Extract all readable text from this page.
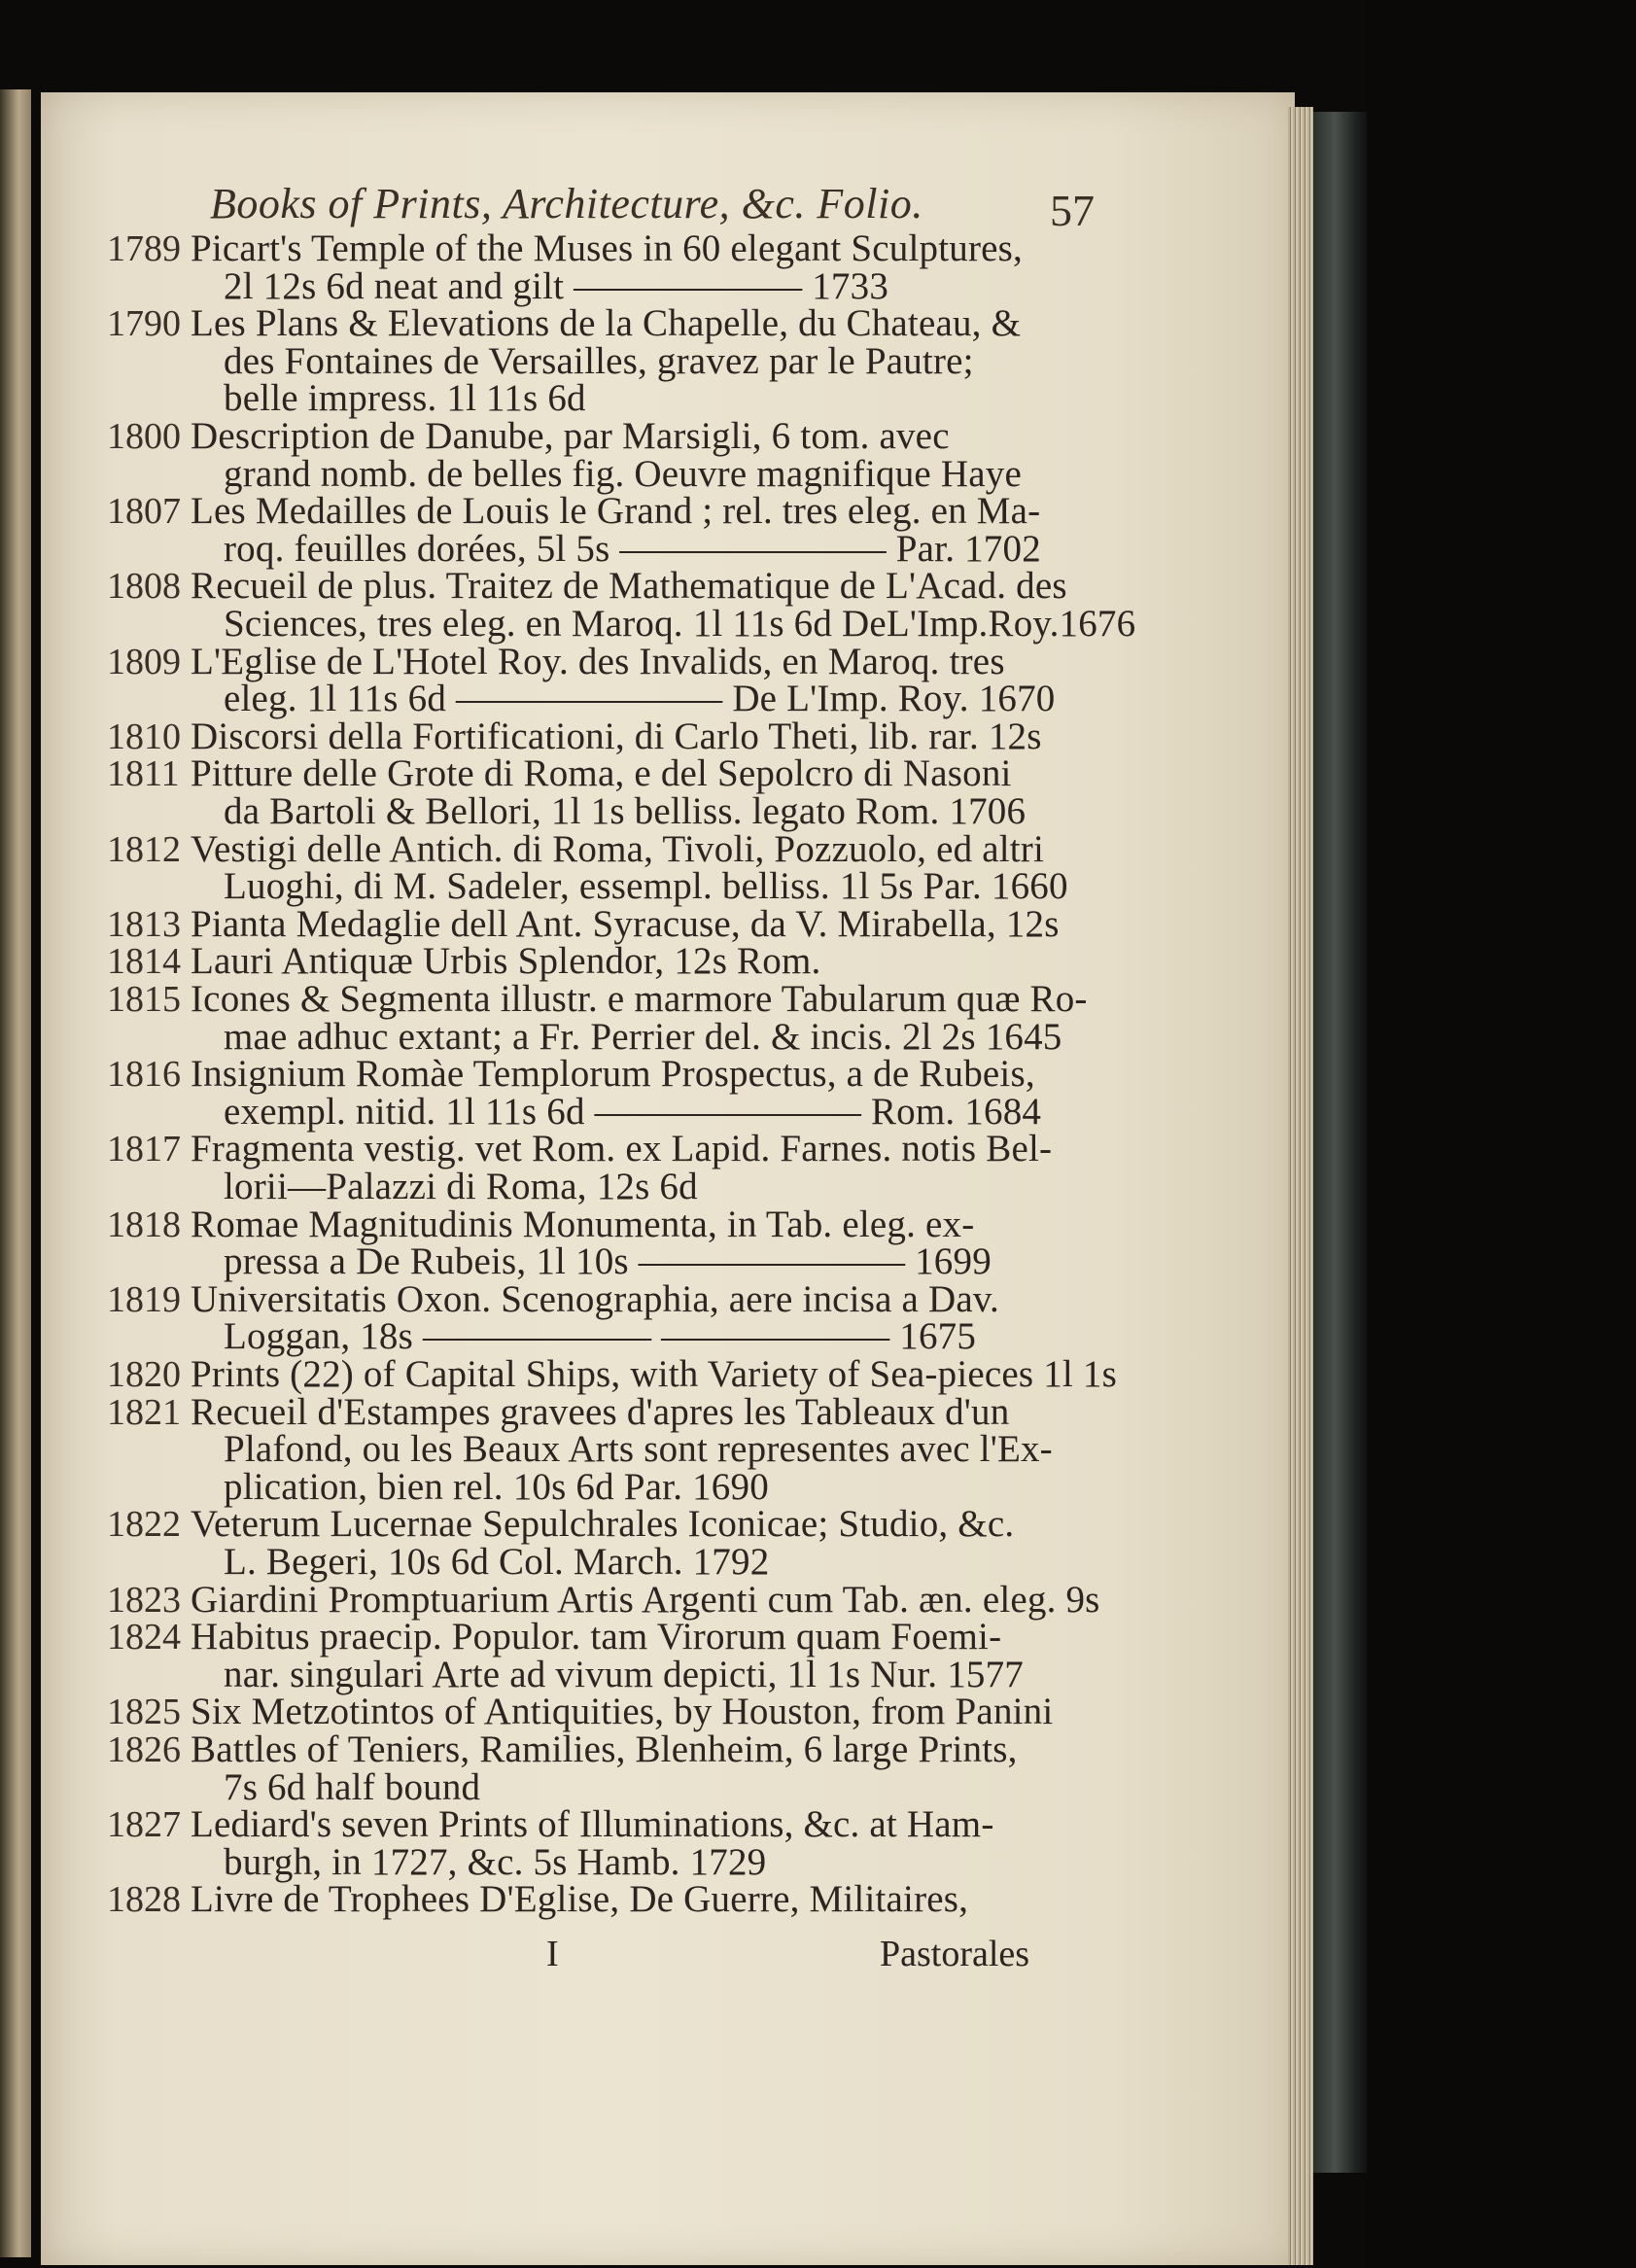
Books of Prints, Architecture, &c. Folio.	57
1789 Picart's Temple of the Muses in 60 elegant Sculptures,
2l 12s 6d neat and gilt —————— 1733
1790 Les Plans & Elevations de la Chapelle, du Chateau, &
des Fontaines de Versailles, gravez par le Pautre;
belle impress. 1l 11s 6d
1800 Description de Danube, par Marsigli, 6 tom. avec
grand nomb. de belles fig. Oeuvre magnifique Haye
1807 Les Medailles de Louis le Grand ; rel. tres eleg. en Ma-
roq. feuilles dorées, 5l 5s ——————— Par. 1702
1808 Recueil de plus. Traitez de Mathematique de L'Acad. des
Sciences, tres eleg. en Maroq. 1l 11s 6d DeL'Imp.Roy.1676
1809 L'Eglise de L'Hotel Roy. des Invalids, en Maroq. tres
eleg. 1l 11s 6d ——————— De L'Imp. Roy. 1670
1810 Discorsi della Fortificationi, di Carlo Theti, lib. rar. 12s
1811 Pitture delle Grote di Roma, e del Sepolcro di Nasoni
da Bartoli & Bellori, 1l 1s belliss. legato Rom. 1706
1812 Vestigi delle Antich. di Roma, Tivoli, Pozzuolo, ed altri
Luoghi, di M. Sadeler, essempl. belliss. 1l 5s Par. 1660
1813 Pianta Medaglie dell Ant. Syracuse, da V. Mirabella, 12s
1814 Lauri Antiquæ Urbis Splendor, 12s Rom.
1815 Icones & Segmenta illustr. e marmore Tabularum quæ Ro-
mae adhuc extant; a Fr. Perrier del. & incis. 2l 2s 1645
1816 Insignium Romàe Templorum Prospectus, a de Rubeis,
exempl. nitid. 1l 11s 6d ——————— Rom. 1684
1817 Fragmenta vestig. vet Rom. ex Lapid. Farnes. notis Bel-
lorii—Palazzi di Roma, 12s 6d
1818 Romae Magnitudinis Monumenta, in Tab. eleg. ex-
pressa a De Rubeis, 1l 10s ——————— 1699
1819 Universitatis Oxon. Scenographia, aere incisa a Dav.
Loggan, 18s —————— —————— 1675
1820 Prints (22) of Capital Ships, with Variety of Sea-pieces 1l 1s
1821 Recueil d'Estampes gravees d'apres les Tableaux d'un
Plafond, ou les Beaux Arts sont representes avec l'Ex-
plication, bien rel. 10s 6d Par. 1690
1822 Veterum Lucernae Sepulchrales Iconicae; Studio, &c.
L. Begeri, 10s 6d Col. March. 1792
1823 Giardini Promptuarium Artis Argenti cum Tab. æn. eleg. 9s
1824 Habitus praecip. Populor. tam Virorum quam Foemi-
nar. singulari Arte ad vivum depicti, 1l 1s Nur. 1577
1825 Six Metzotintos of Antiquities, by Houston, from Panini
1826 Battles of Teniers, Ramilies, Blenheim, 6 large Prints,
7s 6d half bound
1827 Lediard's seven Prints of Illuminations, &c. at Ham-
burgh, in 1727, &c. 5s Hamb. 1729
1828 Livre de Trophees D'Eglise, De Guerre, Militaires,
I	Pastorales
